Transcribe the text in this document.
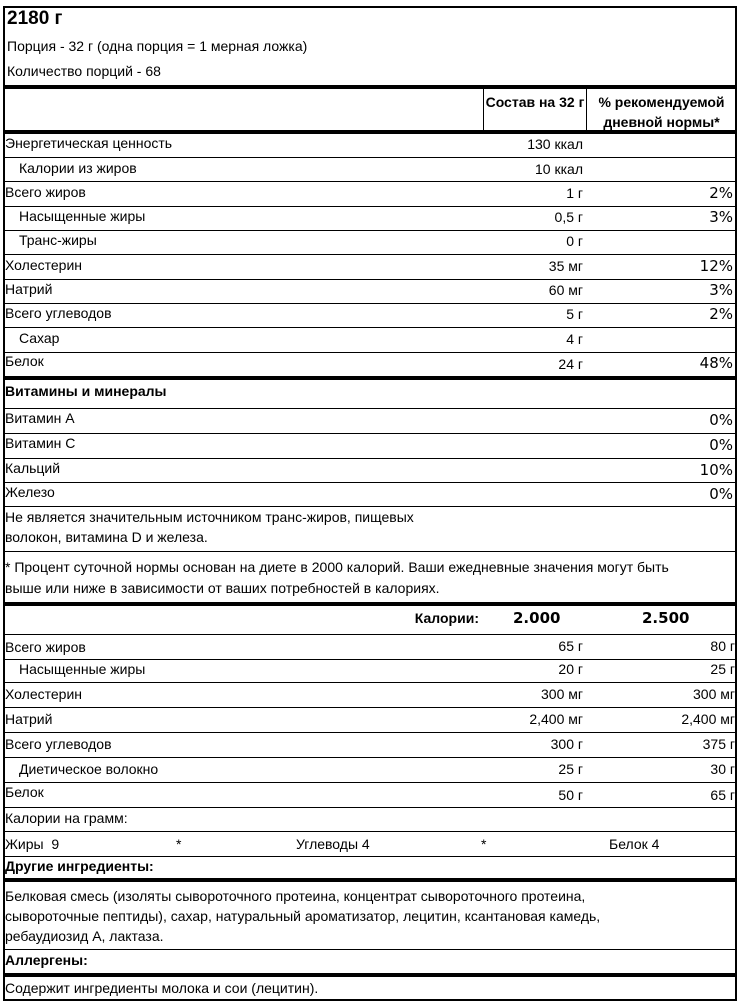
2180 г
Порция - 32 г (одна порция = 1 мерная ложка)
Количество порций - 68
Состав на 32 г	% рекомендуемой дневной нормы*
Энергетическая ценность	130 ккал
Калории из жиров	10 ккал
Всего жиров	1 г	2%
Насыщенные жиры	0,5 г	3%
Транс-жиры	0 г
Холестерин	35 мг	12%
Натрий	60 мг	3%
Всего углеводов	5 г	2%
Сахар	4 г
Белок	24 г	48%
Витамины и минералы
Витамин А	0%
Витамин С	0%
Кальций	10%
Железо	0%
Не является значительным источником транс-жиров, пищевых
волокон, витамина D и железа.
* Процент суточной нормы основан на диете в 2000 калорий. Ваши ежедневные значения могут быть
выше или ниже в зависимости от ваших потребностей в калориях.
Калории: 2.000	2.500
Всего жиров	65 г	80 г
Насыщенные жиры	20 г	25 г
Холестерин	300 мг	300 мг
Натрий	2,400 мг	2,400 мг
Всего углеводов	300 г	375 г
Диетическое волокно	25 г	30 г
Белок	50 г	65 г
Калории на грамм:
Жиры  9	*	Углеводы 4	*	Белок 4
Другие ингредиенты:
Белковая смесь (изоляты сывороточного протеина, концентрат сывороточного протеина,
сывороточные пептиды), сахар, натуральный ароматизатор, лецитин, ксантановая камедь,
ребаудиозид А, лактаза.
Аллергены:
Содержит ингредиенты молока и сои (лецитин).
